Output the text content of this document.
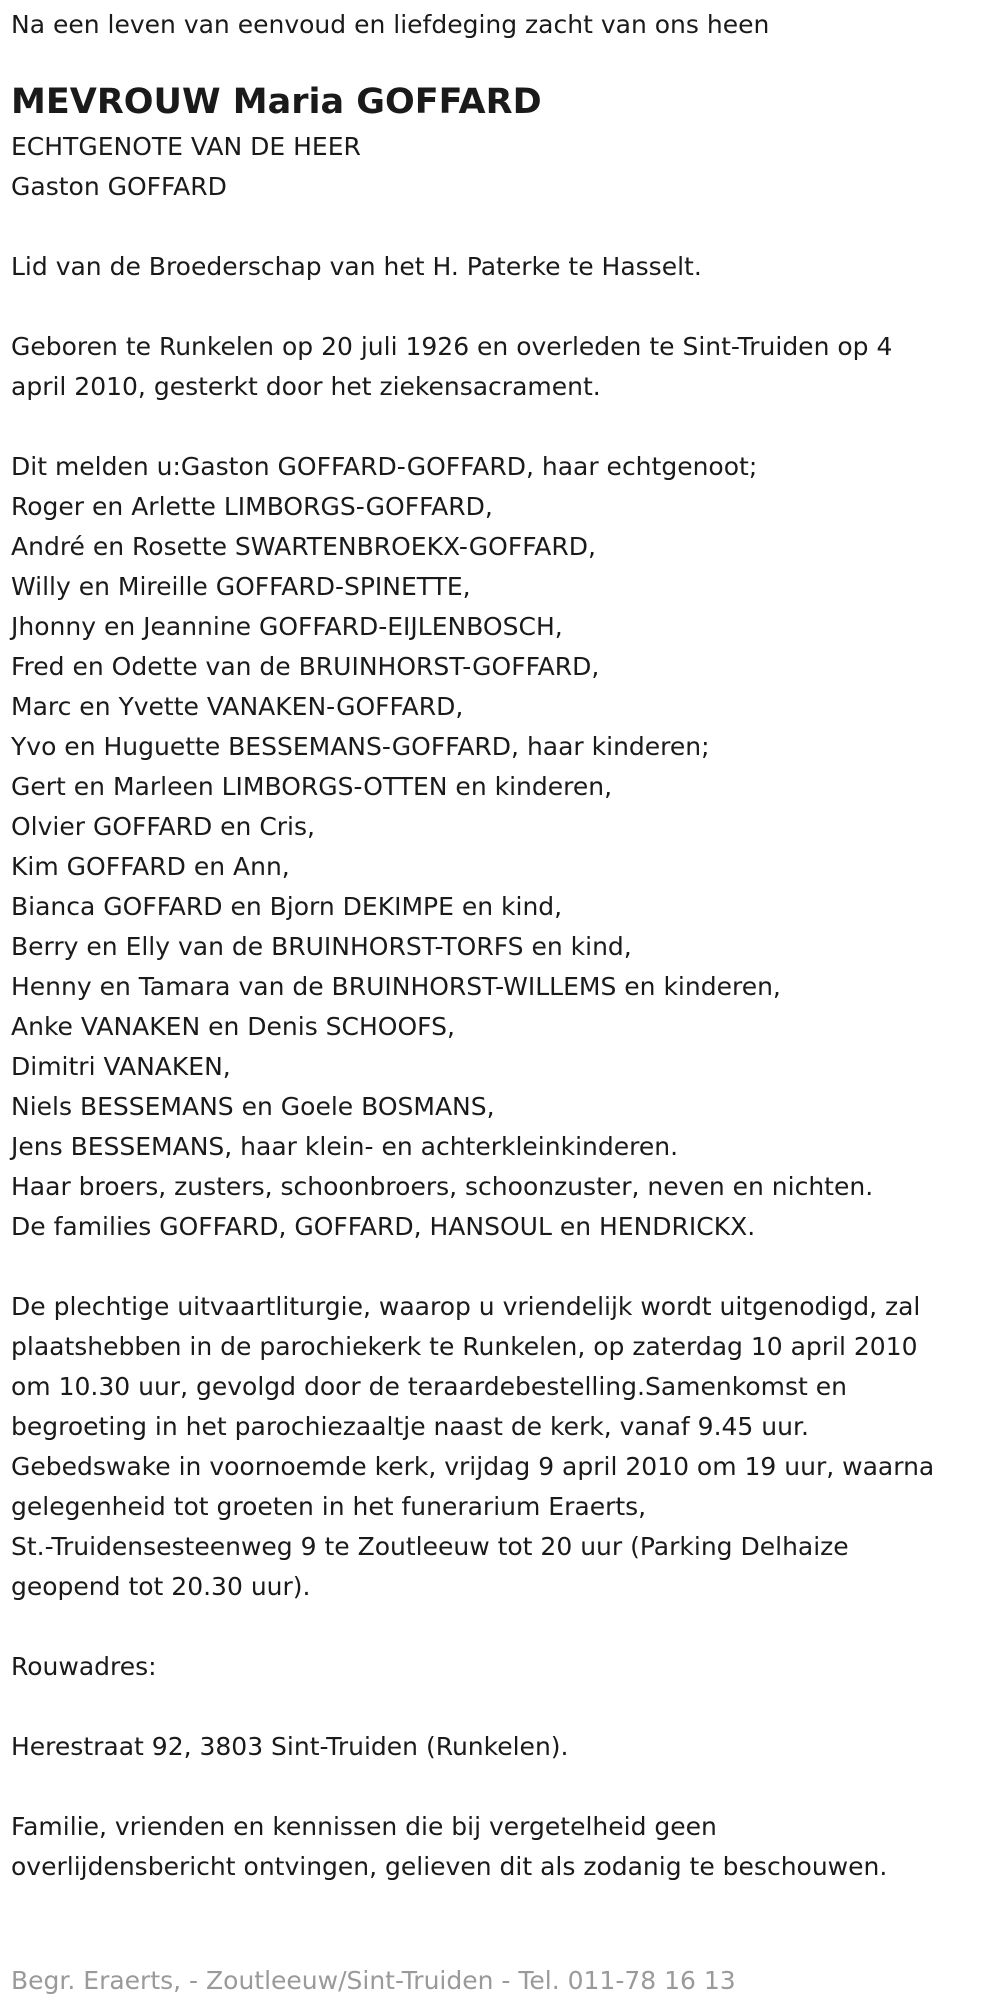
Na een leven van eenvoud en liefdeging zacht van ons heen

MEVROUW Maria GOFFARD

ECHTGENOTE VAN DE HEER

Gaston GOFFARD

Lid van de Broederschap van het H. Paterke te Hasselt.

Geboren te Runkelen op 20 juli 1926 en overleden te Sint-Truiden op 4

april 2010, gesterkt door het ziekensacrament.

Dit melden u:Gaston GOFFARD-GOFFARD, haar echtgenoot;

Roger en Arlette LIMBORGS-GOFFARD,

André en Rosette SWARTENBROEKX-GOFFARD,

Willy en Mireille GOFFARD-SPINETTE,

Jhonny en Jeannine GOFFARD-EIJLENBOSCH,

Fred en Odette van de BRUINHORST-GOFFARD,

Marc en Yvette VANAKEN-GOFFARD,

Yvo en Huguette BESSEMANS-GOFFARD, haar kinderen;

Gert en Marleen LIMBORGS-OTTEN en kinderen,

Olvier GOFFARD en Cris,

Kim GOFFARD en Ann,

Bianca GOFFARD en Bjorn DEKIMPE en kind,

Berry en Elly van de BRUINHORST-TORFS en kind,

Henny en Tamara van de BRUINHORST-WILLEMS en kinderen,

Anke VANAKEN en Denis SCHOOFS,

Dimitri VANAKEN,

Niels BESSEMANS en Goele BOSMANS,

Jens BESSEMANS, haar klein- en achterkleinkinderen.

Haar broers, zusters, schoonbroers, schoonzuster, neven en nichten.

De families GOFFARD, GOFFARD, HANSOUL en HENDRICKX.

De plechtige uitvaartliturgie, waarop u vriendelijk wordt uitgenodigd, zal

plaatshebben in de parochiekerk te Runkelen, op zaterdag 10 april 2010

om 10.30 uur, gevolgd door de teraardebestelling.Samenkomst en

begroeting in het parochiezaaltje naast de kerk, vanaf 9.45 uur.

Gebedswake in voornoemde kerk, vrijdag 9 april 2010 om 19 uur, waarna

gelegenheid tot groeten in het funerarium Eraerts,

St.-Truidensesteenweg 9 te Zoutleeuw tot 20 uur (Parking Delhaize

geopend tot 20.30 uur).

Rouwadres:

Herestraat 92, 3803 Sint-Truiden (Runkelen).

Familie, vrienden en kennissen die bij vergetelheid geen

overlijdensbericht ontvingen, gelieven dit als zodanig te beschouwen.

Begr. Eraerts, - Zoutleeuw/Sint-Truiden - Tel. 011-78 16 13
